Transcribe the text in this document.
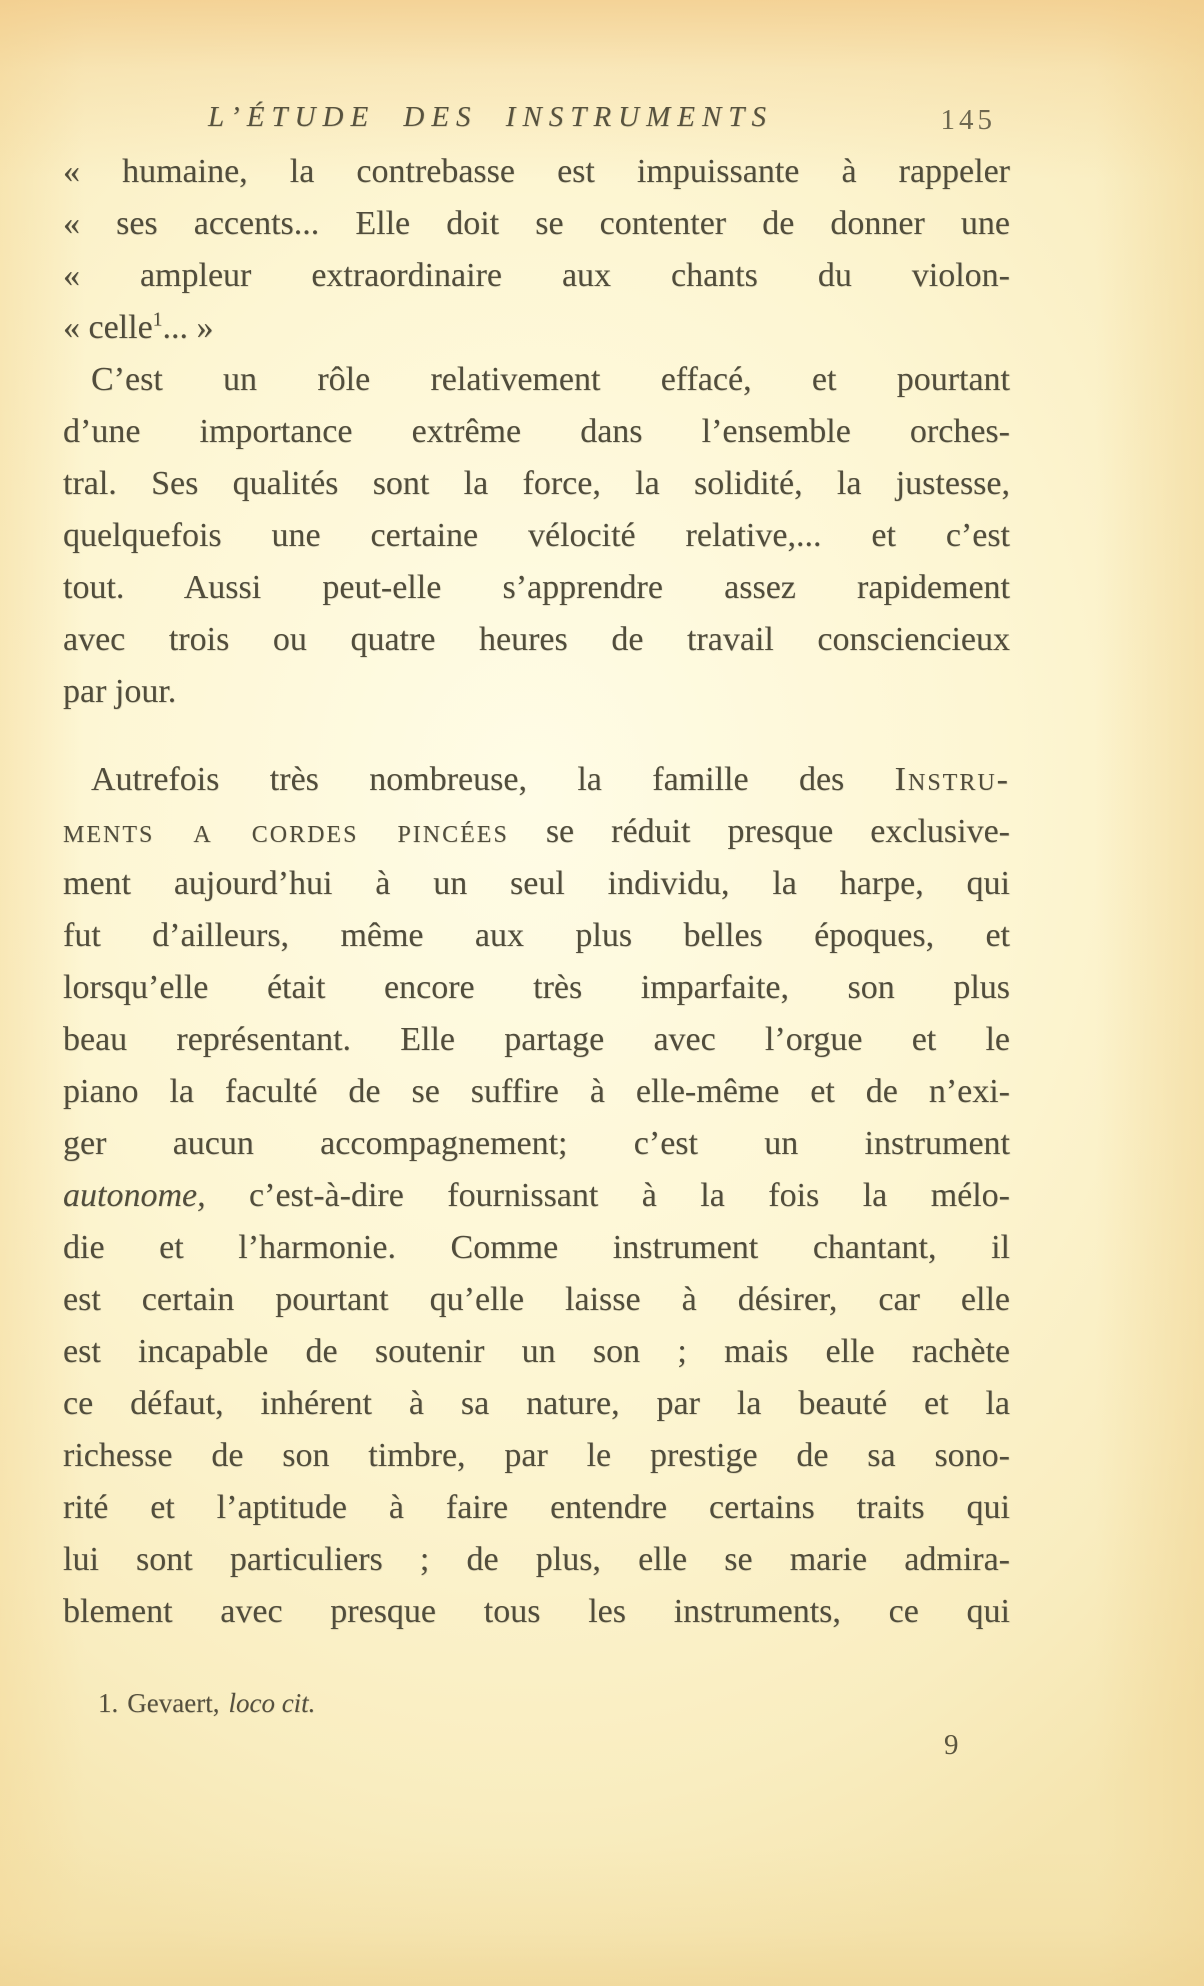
L’ÉTUDE DES INSTRUMENTS	145
« humaine, la contrebasse est impuissante à rappeler
« ses accents... Elle doit se contenter de donner une
« ampleur extraordinaire aux chants du violon-
« celle$^1$... »
C’est un rôle relativement effacé, et pourtant
d’une importance extrême dans l’ensemble orches-
tral. Ses qualités sont la force, la solidité, la justesse,
quelquefois une certaine vélocité relative,... et c’est
tout. Aussi peut-elle s’apprendre assez rapidement
avec trois ou quatre heures de travail consciencieux
par jour.
Autrefois très nombreuse, la famille des Instru-
ments a cordes pincées se réduit presque exclusive-
ment aujourd’hui à un seul individu, la harpe, qui
fut d’ailleurs, même aux plus belles époques, et
lorsqu’elle était encore très imparfaite, son plus
beau représentant. Elle partage avec l’orgue et le
piano la faculté de se suffire à elle-même et de n’exi-
ger aucun accompagnement; c’est un instrument
autonome, c’est-à-dire fournissant à la fois la mélo-
die et l’harmonie. Comme instrument chantant, il
est certain pourtant qu’elle laisse à désirer, car elle
est incapable de soutenir un son ; mais elle rachète
ce défaut, inhérent à sa nature, par la beauté et la
richesse de son timbre, par le prestige de sa sono-
rité et l’aptitude à faire entendre certains traits qui
lui sont particuliers ; de plus, elle se marie admira-
blement avec presque tous les instruments, ce qui
1. Gevaert, loco cit.
9
